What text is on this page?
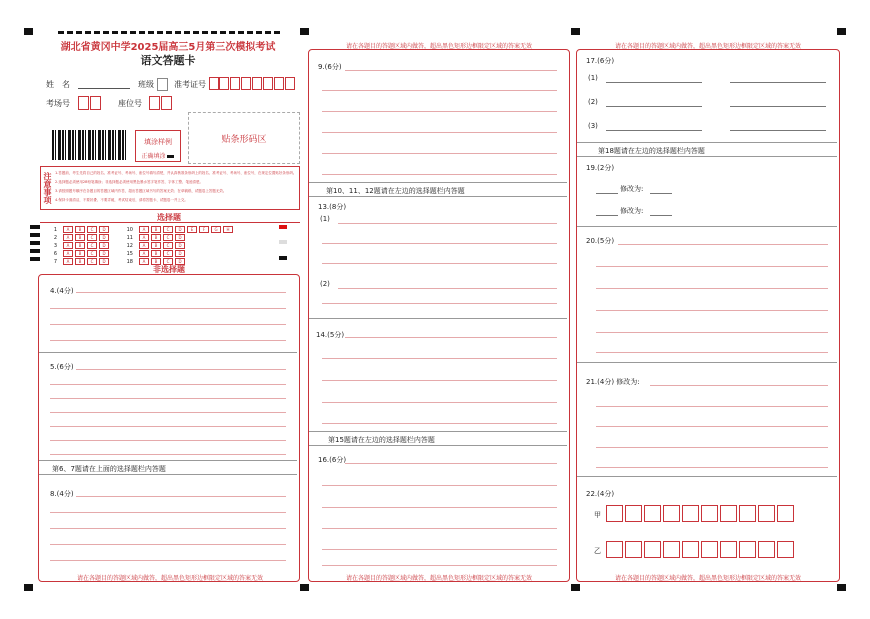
湖北省黄冈中学2025届高三5月第三次模拟考试
语文答题卡
姓　名	班级	准考证号
考场号	座位号
填涂样例
正确填涂
贴条形码区
注意事项 1.答题前，考生先将自己的姓名、准考证号、考场号、座位号填写清楚，并认真核准条形码上的姓名、准考证号、考场号、座位号，在规定位置贴好条形码。
2.选择题必须使用2B铅笔填涂；非选择题必须使用黑色墨水签字笔作答，字体工整、笔迹清楚。
3.请按照题号顺序在各题目的答题区域内作答，超出答题区域书写的答案无效；在草稿纸、试题卷上答题无效。
4.保持卡面清洁，不要折叠、不要弄破，考试结束后，请将答题卡、试题卷一并上交。
选择题
1 A B C D	10 A B C D E F G H
2 A B C D	11 A B C D
3 A B C D	12 A B C D
6 A B C D	15 A B C D
7 A B C D	18 A B C D
非选择题
4.(4分)
5.(6分)
第6、7题请在上面的选择题栏内答题
8.(4分)
请在各题目的答题区域内做答，超出黑色矩形边框限定区域的答案无效
请在各题目的答题区域内做答，超出黑色矩形边框限定区域的答案无效
9.(6分)
第10、11、12题请在左边的选择题栏内答题
13.(8分)
(1)
(2)
14.(5分)
第15题请在左边的选择题栏内答题
16.(6分)
请在各题目的答题区域内做答，超出黑色矩形边框限定区域的答案无效
请在各题目的答题区域内做答，超出黑色矩形边框限定区域的答案无效
17.(6分)
(1)
(2)
(3)
第18题请在左边的选择题栏内答题
19.(2分)
修改为:
修改为:
20.(5分)
21.(4分) 修改为:
22.(4分)
甲
乙
请在各题目的答题区域内做答，超出黑色矩形边框限定区域的答案无效
